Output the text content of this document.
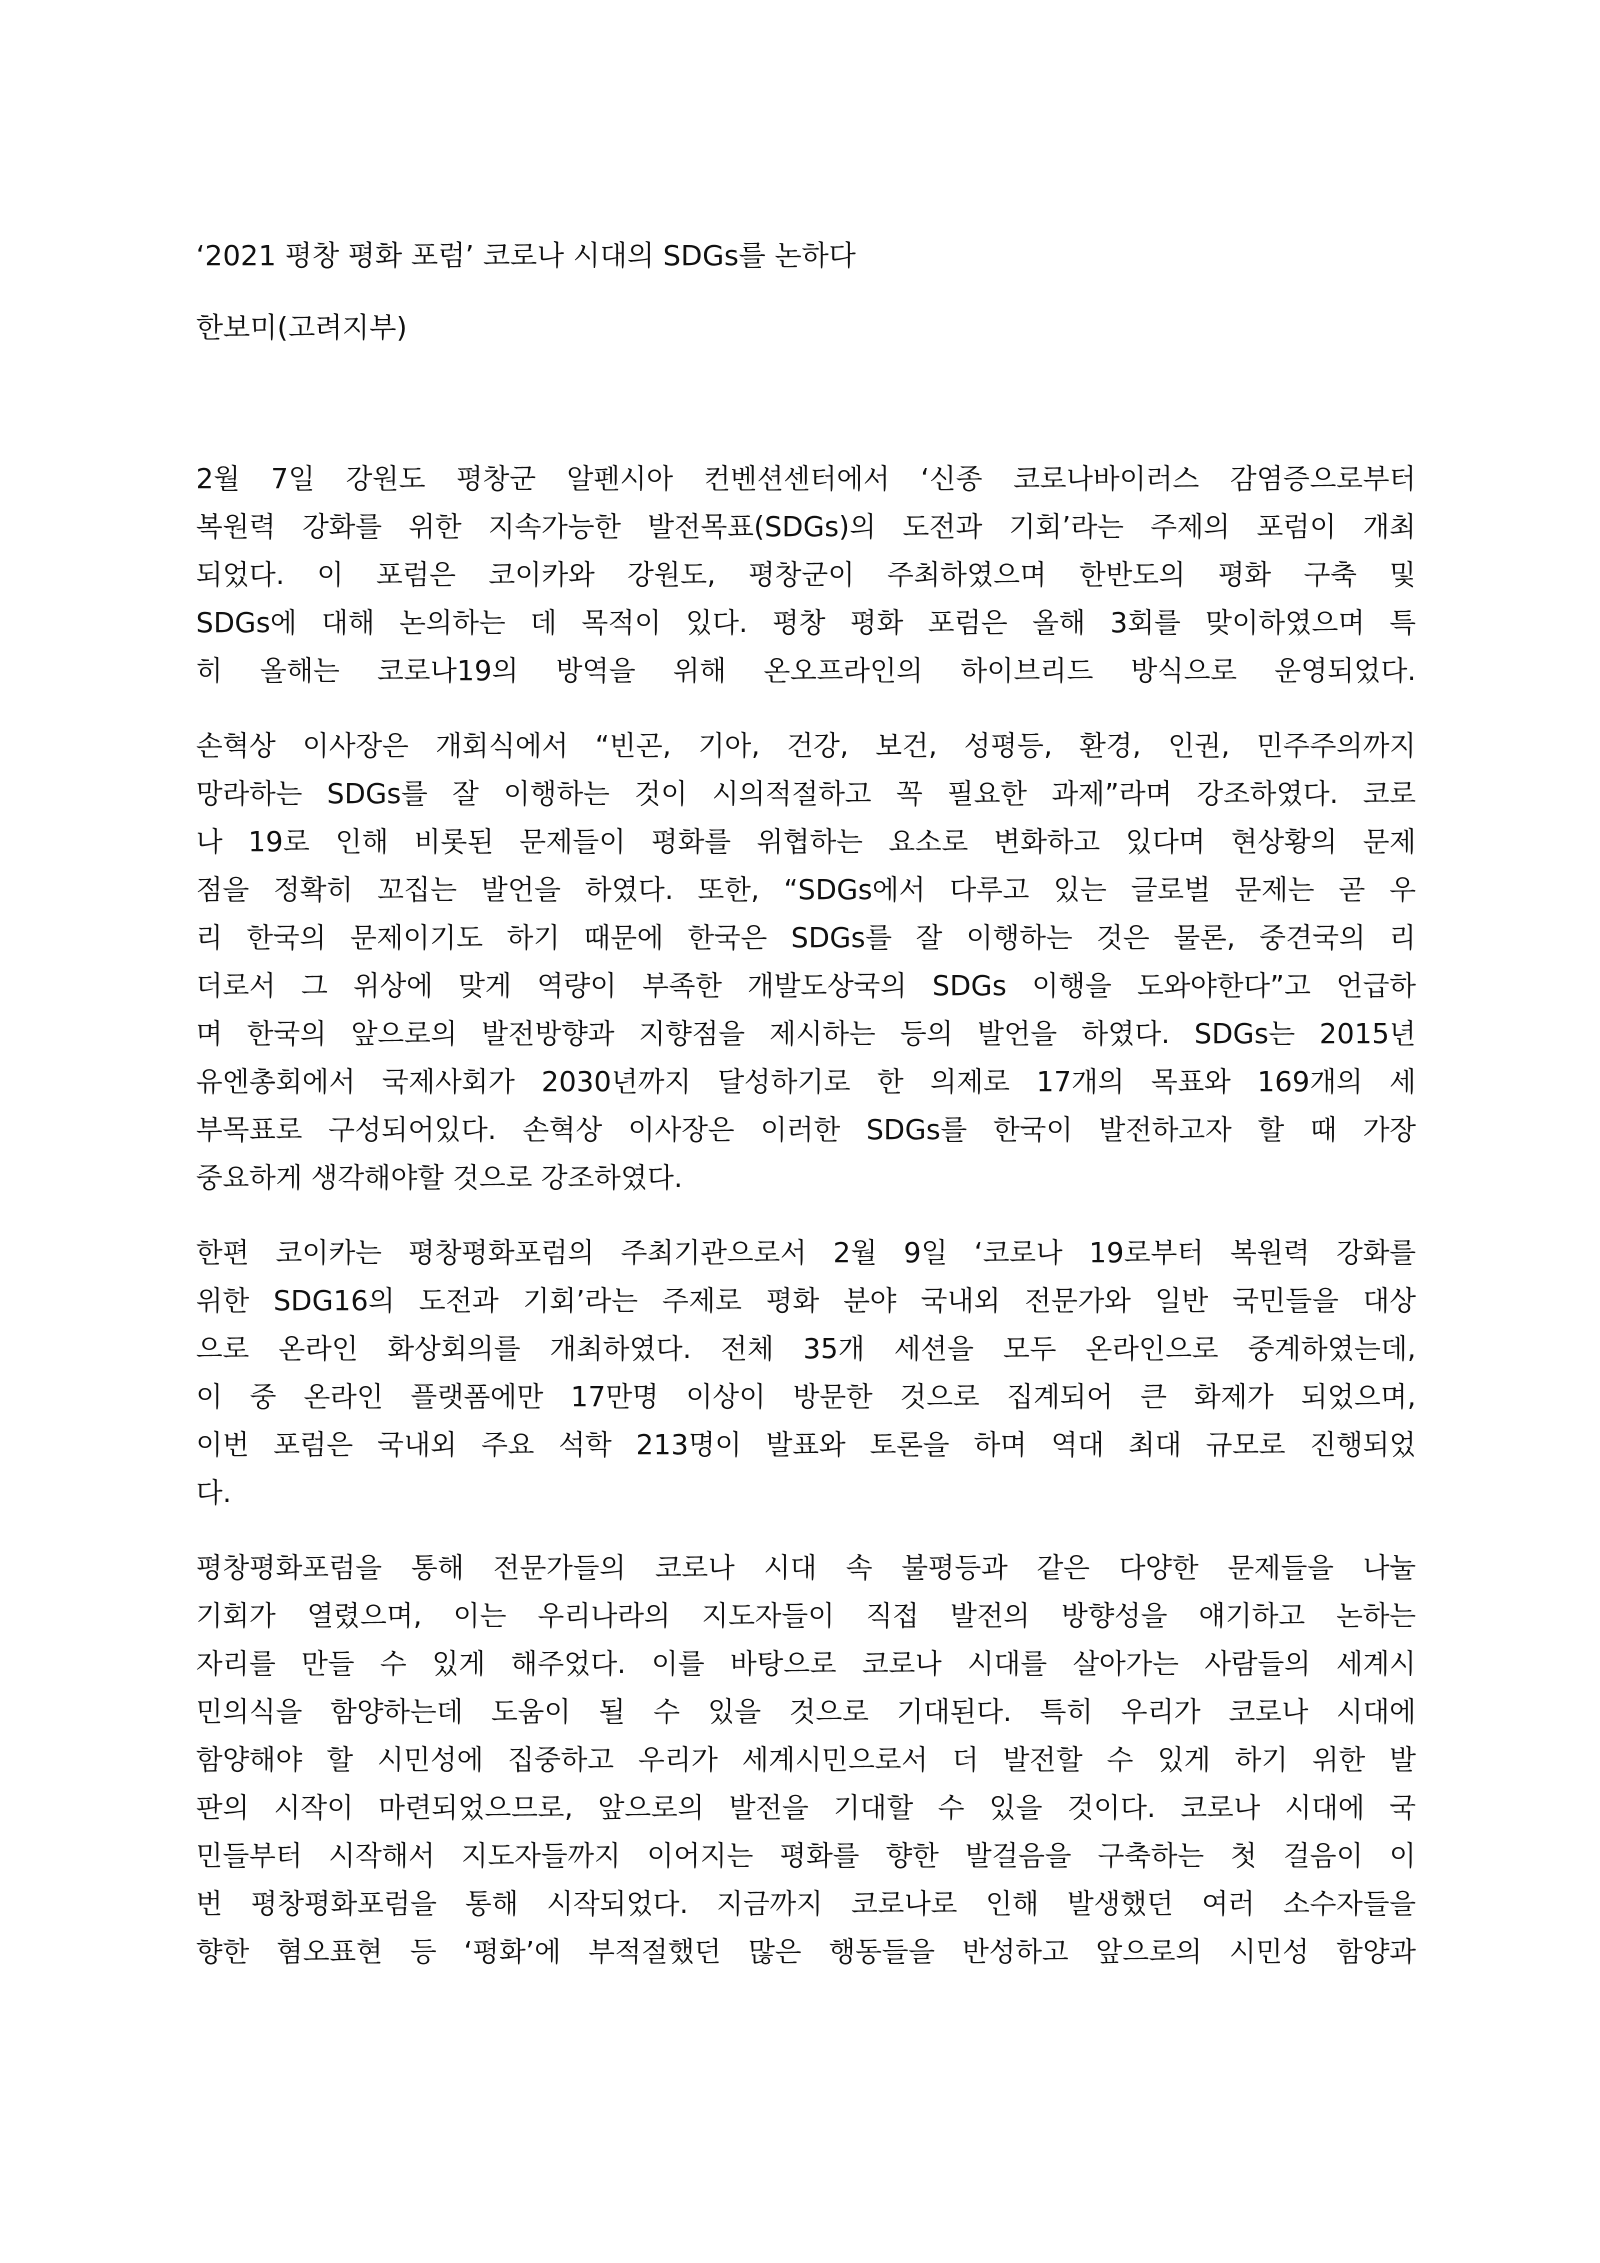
‘2021 평창 평화 포럼’ 코로나 시대의 SDGs를 논하다
한보미(고려지부)
2월 7일 강원도 평창군 알펜시아 컨벤션센터에서 ‘신종 코로나바이러스 감염증으로부터
복원력 강화를 위한 지속가능한 발전목표(SDGs)의 도전과 기회’라는 주제의 포럼이 개최
되었다. 이 포럼은 코이카와 강원도, 평창군이 주최하였으며 한반도의 평화 구축 및
SDGs에 대해 논의하는 데 목적이 있다. 평창 평화 포럼은 올해 3회를 맞이하였으며 특
히 올해는 코로나19의 방역을 위해 온오프라인의 하이브리드 방식으로 운영되었다.
손혁상 이사장은 개회식에서 “빈곤, 기아, 건강, 보건, 성평등, 환경, 인권, 민주주의까지
망라하는 SDGs를 잘 이행하는 것이 시의적절하고 꼭 필요한 과제”라며 강조하였다. 코로
나 19로 인해 비롯된 문제들이 평화를 위협하는 요소로 변화하고 있다며 현상황의 문제
점을 정확히 꼬집는 발언을 하였다. 또한, “SDGs에서 다루고 있는 글로벌 문제는 곧 우
리 한국의 문제이기도 하기 때문에 한국은 SDGs를 잘 이행하는 것은 물론, 중견국의 리
더로서 그 위상에 맞게 역량이 부족한 개발도상국의 SDGs 이행을 도와야한다”고 언급하
며 한국의 앞으로의 발전방향과 지향점을 제시하는 등의 발언을 하였다. SDGs는 2015년
유엔총회에서 국제사회가 2030년까지 달성하기로 한 의제로 17개의 목표와 169개의 세
부목표로 구성되어있다. 손혁상 이사장은 이러한 SDGs를 한국이 발전하고자 할 때 가장
중요하게 생각해야할 것으로 강조하였다.
한편 코이카는 평창평화포럼의 주최기관으로서 2월 9일 ‘코로나 19로부터 복원력 강화를
위한 SDG16의 도전과 기회’라는 주제로 평화 분야 국내외 전문가와 일반 국민들을 대상
으로 온라인 화상회의를 개최하였다. 전체 35개 세션을 모두 온라인으로 중계하였는데,
이 중 온라인 플랫폼에만 17만명 이상이 방문한 것으로 집계되어 큰 화제가 되었으며,
이번 포럼은 국내외 주요 석학 213명이 발표와 토론을 하며 역대 최대 규모로 진행되었
다.
평창평화포럼을 통해 전문가들의 코로나 시대 속 불평등과 같은 다양한 문제들을 나눌
기회가 열렸으며, 이는 우리나라의 지도자들이 직접 발전의 방향성을 얘기하고 논하는
자리를 만들 수 있게 해주었다. 이를 바탕으로 코로나 시대를 살아가는 사람들의 세계시
민의식을 함양하는데 도움이 될 수 있을 것으로 기대된다. 특히 우리가 코로나 시대에
함양해야 할 시민성에 집중하고 우리가 세계시민으로서 더 발전할 수 있게 하기 위한 발
판의 시작이 마련되었으므로, 앞으로의 발전을 기대할 수 있을 것이다. 코로나 시대에 국
민들부터 시작해서 지도자들까지 이어지는 평화를 향한 발걸음을 구축하는 첫 걸음이 이
번 평창평화포럼을 통해 시작되었다. 지금까지 코로나로 인해 발생했던 여러 소수자들을
향한 혐오표현 등 ‘평화’에 부적절했던 많은 행동들을 반성하고 앞으로의 시민성 함양과
